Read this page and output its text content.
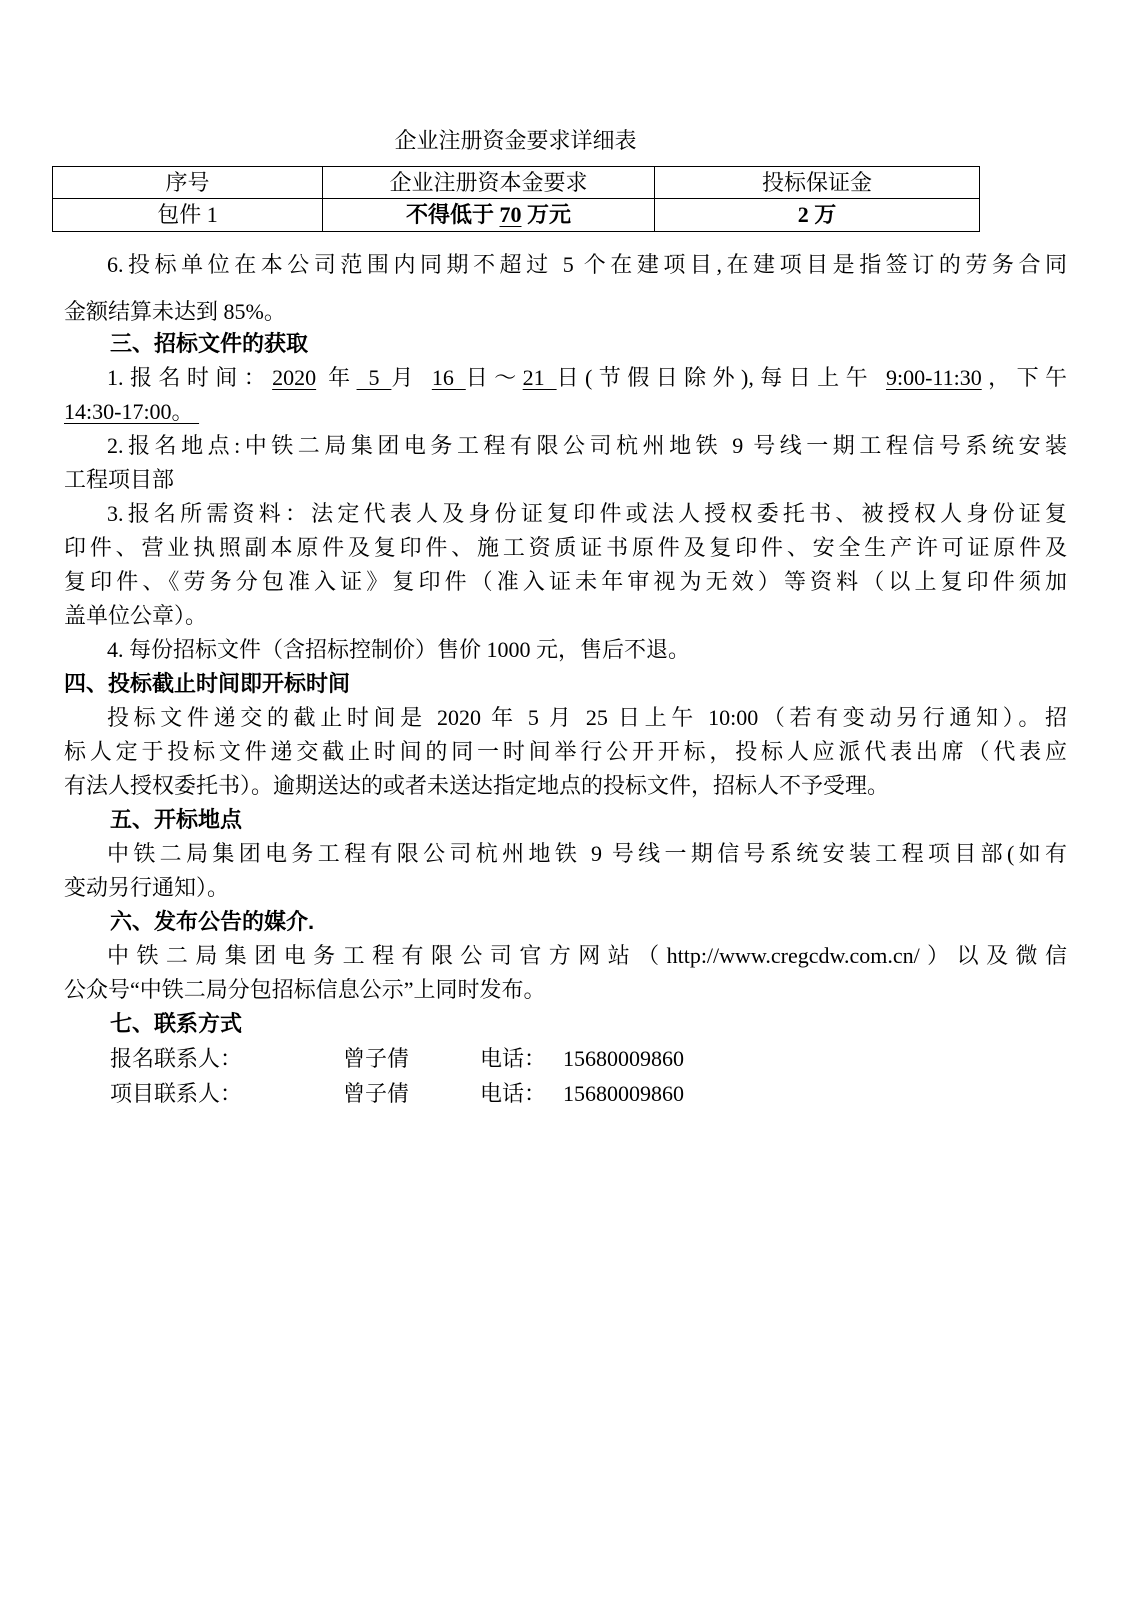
企业注册资金要求详细表
序号	企业注册资本金要求	投标保证金
包件 1	不得低于 70 万元	2 万
6.投标单位在本公司范围内同期不超过 5 个在建项目,在建项目是指签订的劳务合同
金额结算未达到 85%。
三、招标文件的获取
1.报名时间：2020 年 5 月 16 日～21 日(节假日除外),每日上午 9:00-11:30，下午
14:30-17:00。
2.报名地点:中铁二局集团电务工程有限公司杭州地铁 9 号线一期工程信号系统安装
工程项目部
3.报名所需资料：法定代表人及身份证复印件或法人授权委托书、被授权人身份证复
印件、营业执照副本原件及复印件、施工资质证书原件及复印件、安全生产许可证原件及
复印件、《劳务分包准入证》复印件（准入证未年审视为无效）等资料（以上复印件须加
盖单位公章）。
4. 每份招标文件（含招标控制价）售价 1000 元，售后不退。
四、投标截止时间即开标时间
投标文件递交的截止时间是 2020 年 5 月 25 日上午 10:00（若有变动另行通知）。招
标人定于投标文件递交截止时间的同一时间举行公开开标，投标人应派代表出席（代表应
有法人授权委托书）。逾期送达的或者未送达指定地点的投标文件，招标人不予受理。
五、开标地点
中铁二局集团电务工程有限公司杭州地铁 9 号线一期信号系统安装工程项目部(如有
变动另行通知）。
六、发布公告的媒介.
中铁二局集团电务工程有限公司官方网站（http://www.cregcdw.com.cn/）以及微信
公众号“中铁二局分包招标信息公示”上同时发布。
七、联系方式
报名联系人：	曾子倩	电话： 15680009860
项目联系人：	曾子倩	电话： 15680009860
